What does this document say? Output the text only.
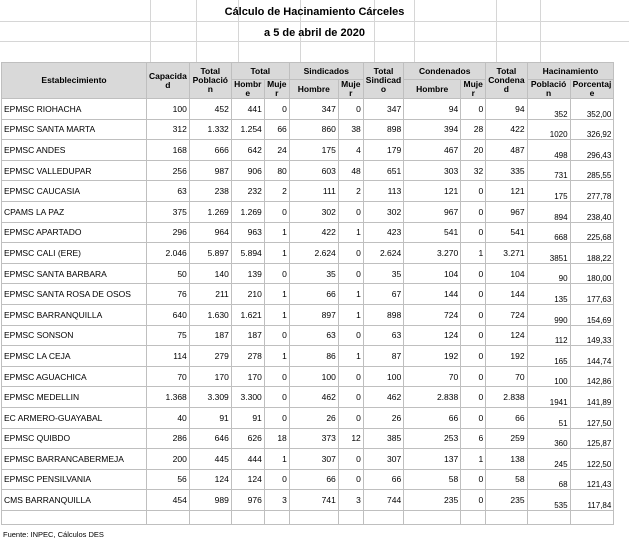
Cálculo de Hacinamiento Cárceles
a 5 de abril de 2020
Establecimiento	Capacida d	Total Població n	Total		Sindicados		Total Sindicad o	Condenados		Total Condena d	Hacinamiento	
			Hombr e	Muje r	Hombre	Muje r		Hombre	Muje r		Població n	Porcentaj e
EPMSC RIOHACHA	100	452	441	0	347	0	347	94	0	94	352	352,00
EPMSC SANTA MARTA	312	1.332	1.254	66	860	38	898	394	28	422	1020	326,92
EPMSC ANDES	168	666	642	24	175	4	179	467	20	487	498	296,43
EPMSC VALLEDUPAR	256	987	906	80	603	48	651	303	32	335	731	285,55
EPMSC CAUCASIA	63	238	232	2	111	2	113	121	0	121	175	277,78
CPAMS LA PAZ	375	1.269	1.269	0	302	0	302	967	0	967	894	238,40
EPMSC APARTADO	296	964	963	1	422	1	423	541	0	541	668	225,68
EPMSC CALI (ERE)	2.046	5.897	5.894	1	2.624	0	2.624	3.270	1	3.271	3851	188,22
EPMSC SANTA BARBARA	50	140	139	0	35	0	35	104	0	104	90	180,00
EPMSC SANTA ROSA DE OSOS	76	211	210	1	66	1	67	144	0	144	135	177,63
EPMSC BARRANQUILLA	640	1.630	1.621	1	897	1	898	724	0	724	990	154,69
EPMSC SONSON	75	187	187	0	63	0	63	124	0	124	112	149,33
EPMSC LA CEJA	114	279	278	1	86	1	87	192	0	192	165	144,74
EPMSC AGUACHICA	70	170	170	0	100	0	100	70	0	70	100	142,86
EPMSC MEDELLIN	1.368	3.309	3.300	0	462	0	462	2.838	0	2.838	1941	141,89
EC ARMERO-GUAYABAL	40	91	91	0	26	0	26	66	0	66	51	127,50
EPMSC QUIBDO	286	646	626	18	373	12	385	253	6	259	360	125,87
EPMSC BARRANCABERMEJA	200	445	444	1	307	0	307	137	1	138	245	122,50
EPMSC PENSILVANIA	56	124	124	0	66	0	66	58	0	58	68	121,43
CMS BARRANQUILLA	454	989	976	3	741	3	744	235	0	235	535	117,84

Fuente: INPEC, Cálculos DES
